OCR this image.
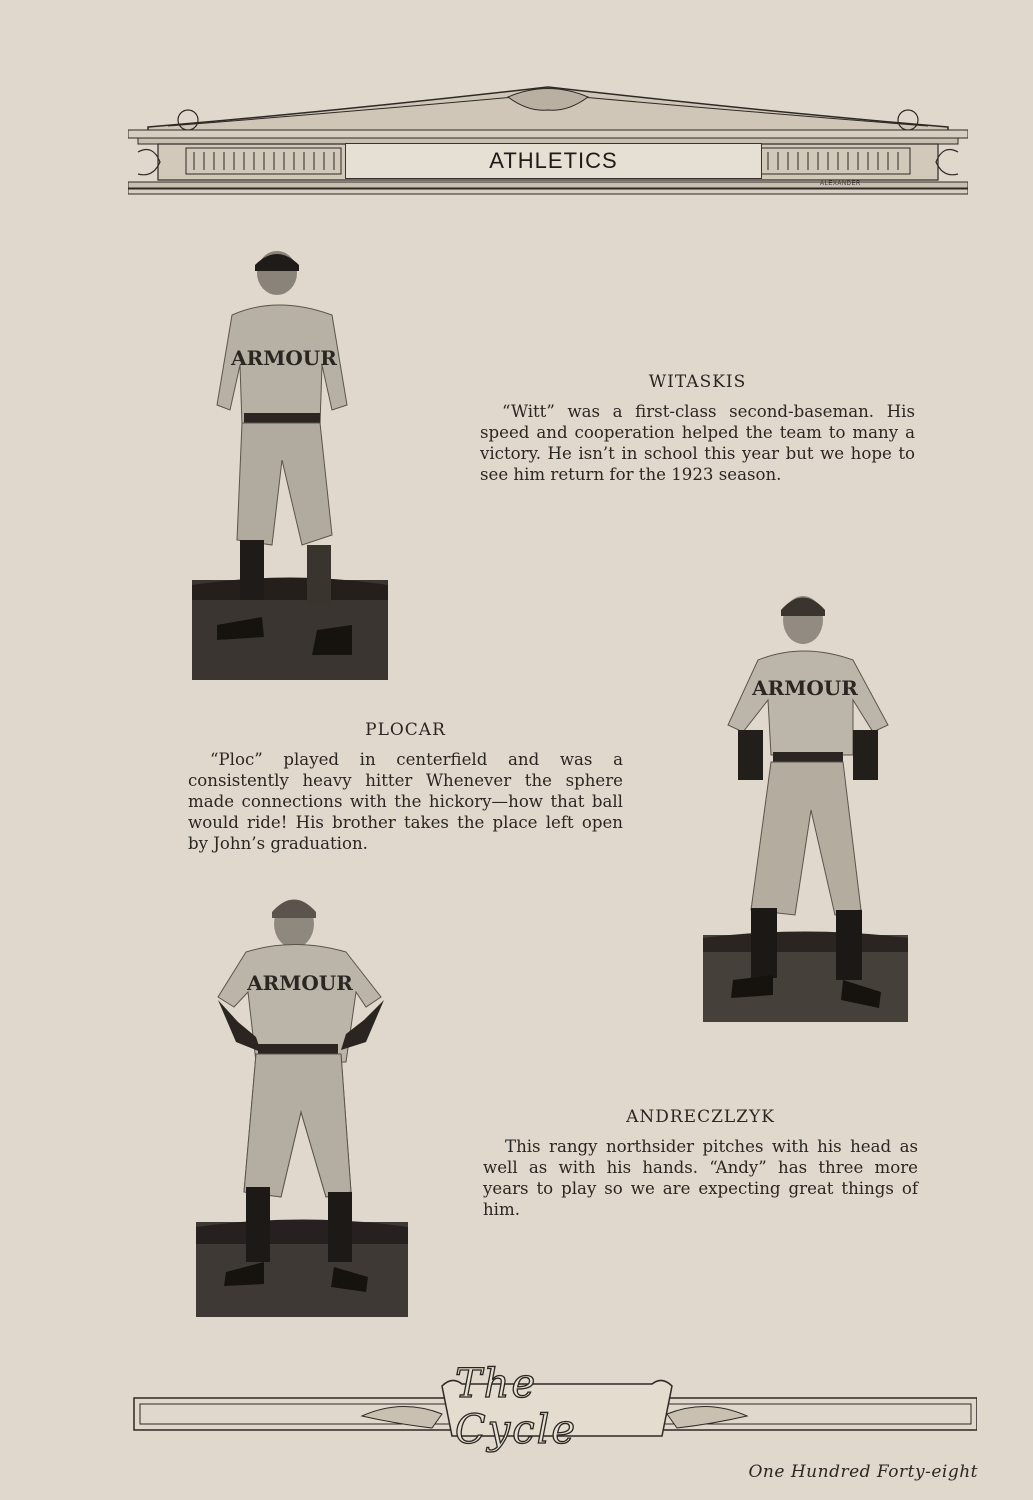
ATHLETICS
ALEXANDER
ARMOUR
WITASKIS
“Witt” was a first-class second-baseman. His speed and cooperation helped the team to many a victory. He isn’t in school this year but we hope to see him return for the 1923 season.
ARMOUR
PLOCAR
“Ploc” played in centerfield and was a consistently heavy hitter Whenever the sphere made connections with the hickory—how that ball would ride! His brother takes the place left open by John’s graduation.
ARMOUR
ANDRECZLZYK
This rangy northsider pitches with his head as well as with his hands. “Andy” has three more years to play so we are expecting great things of him.
The Cycle
One Hundred Forty-eight
